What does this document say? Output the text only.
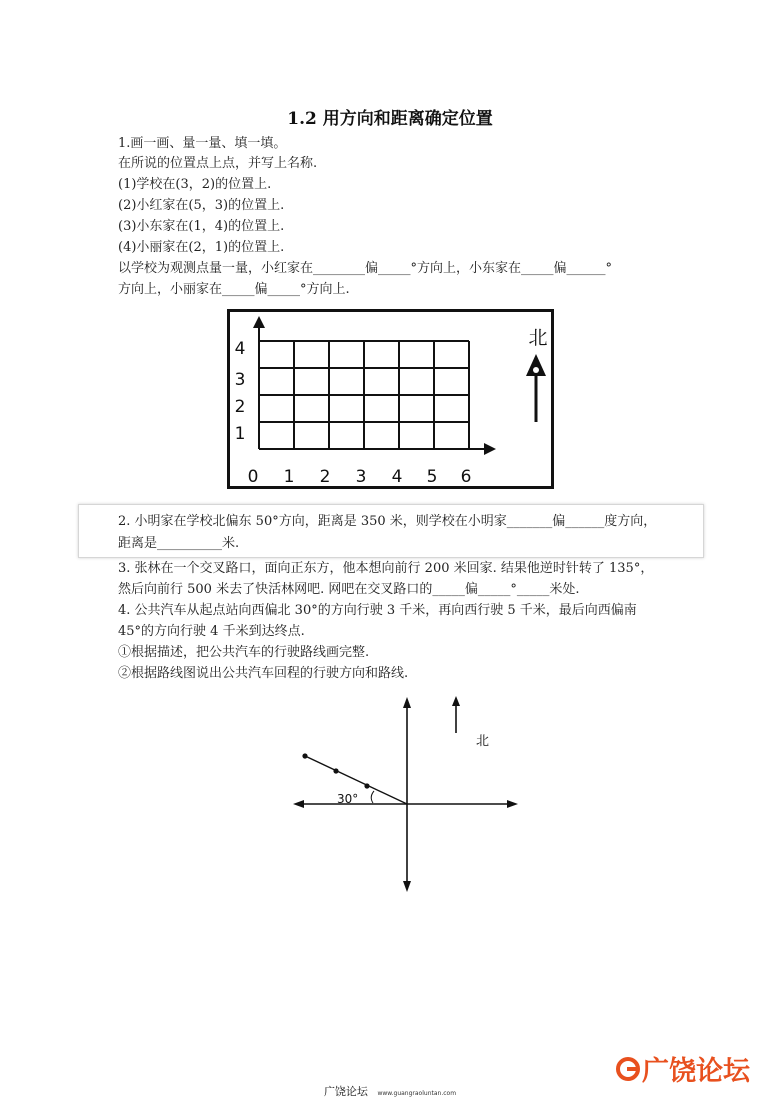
1.2 用方向和距离确定位置
1.画一画、量一量、填一填。
在所说的位置点上点，并写上名称.
(1)学校在(3，2)的位置上.
(2)小红家在(5，3)的位置上.
(3)小东家在(1，4)的位置上.
(4)小丽家在(2，1)的位置上.
以学校为观测点量一量，小红家在________偏_____°方向上，小东家在_____偏______°
方向上，小丽家在_____偏_____°方向上.
0 1 2 3 4 5 6
1
2
3
4	北
2. 小明家在学校北偏东 50°方向，距离是 350 米，则学校在小明家_______偏______度方向，
距离是__________米.
3. 张林在一个交叉路口，面向正东方，他本想向前行 200 米回家. 结果他逆时针转了 135°，
然后向前行 500 米去了快活林网吧. 网吧在交叉路口的_____偏_____°_____米处.
4. 公共汽车从起点站向西偏北 30°的方向行驶 3 千米，再向西行驶 5 千米，最后向西偏南
45°的方向行驶 4 千米到达终点.
①根据描述，把公共汽车的行驶路线画完整.
②根据路线图说出公共汽车回程的行驶方向和路线.
30°
北
广饶论坛
广饶论坛 www.guangraoluntan.com
